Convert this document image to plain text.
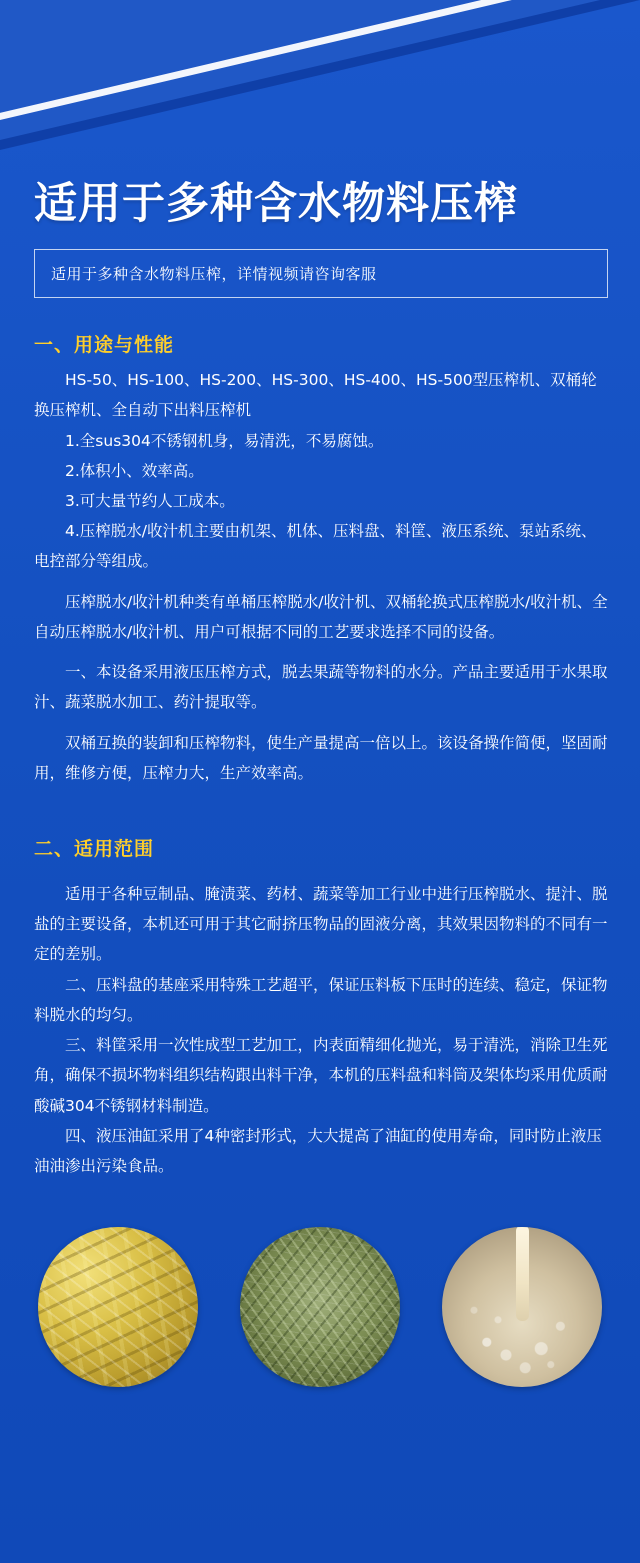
适用于多种含水物料压榨
适用于多种含水物料压榨，详情视频请咨询客服
一、用途与性能

HS-50、HS-100、HS-200、HS-300、HS-400、HS-500型压榨机、双桶轮换压榨机、全自动下出料压榨机

1.全sus304不锈钢机身，易清洗，不易腐蚀。

2.体积小、效率高。

3.可大量节约人工成本。

4.压榨脱水/收汁机主要由机架、机体、压料盘、料筐、液压系统、泵站系统、电控部分等组成。

压榨脱水/收汁机种类有单桶压榨脱水/收汁机、双桶轮换式压榨脱水/收汁机、全自动压榨脱水/收汁机、用户可根据不同的工艺要求选择不同的设备。

一、本设备采用液压压榨方式，脱去果蔬等物料的水分。产品主要适用于水果取汁、蔬菜脱水加工、药汁提取等。

双桶互换的装卸和压榨物料，使生产量提高一倍以上。该设备操作简便，坚固耐用，维修方便，压榨力大，生产效率高。

二、适用范围

适用于各种豆制品、腌渍菜、药材、蔬菜等加工行业中进行压榨脱水、提汁、脱盐的主要设备，本机还可用于其它耐挤压物品的固液分离，其效果因物料的不同有一定的差别。

二、压料盘的基座采用特殊工艺超平，保证压料板下压时的连续、稳定，保证物料脱水的均匀。

三、料筐采用一次性成型工艺加工，内表面精细化抛光，易于清洗，消除卫生死角，确保不损坏物料组织结构跟出料干净，本机的压料盘和料筒及架体均采用优质耐酸碱304不锈钢材料制造。

四、液压油缸采用了4种密封形式，大大提高了油缸的使用寿命，同时防止液压油油渗出污染食品。
